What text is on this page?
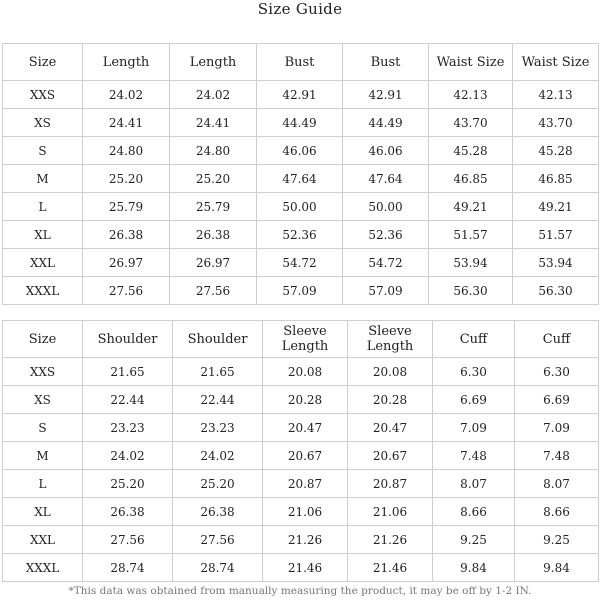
Size Guide
Size	Length	Length	Bust	Bust	Waist Size	Waist Size
XXS	24.02	24.02	42.91	42.91	42.13	42.13
XS	24.41	24.41	44.49	44.49	43.70	43.70
S	24.80	24.80	46.06	46.06	45.28	45.28
M	25.20	25.20	47.64	47.64	46.85	46.85
L	25.79	25.79	50.00	50.00	49.21	49.21
XL	26.38	26.38	52.36	52.36	51.57	51.57
XXL	26.97	26.97	54.72	54.72	53.94	53.94
XXXL	27.56	27.56	57.09	57.09	56.30	56.30
Size	Shoulder	Shoulder	Sleeve Length	Sleeve Length	Cuff	Cuff
XXS	21.65	21.65	20.08	20.08	6.30	6.30
XS	22.44	22.44	20.28	20.28	6.69	6.69
S	23.23	23.23	20.47	20.47	7.09	7.09
M	24.02	24.02	20.67	20.67	7.48	7.48
L	25.20	25.20	20.87	20.87	8.07	8.07
XL	26.38	26.38	21.06	21.06	8.66	8.66
XXL	27.56	27.56	21.26	21.26	9.25	9.25
XXXL	28.74	28.74	21.46	21.46	9.84	9.84
*This data was obtained from manually measuring the product, it may be off by 1-2 IN.
